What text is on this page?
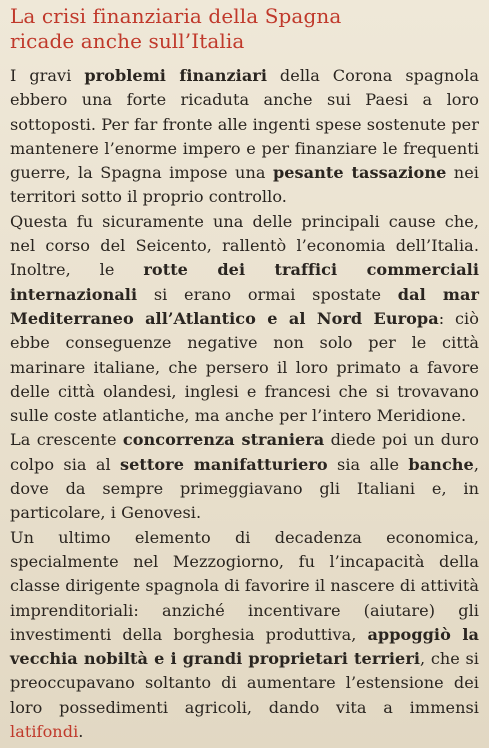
La crisi finanziaria della Spagna
ricade anche sull’Italia

I gravi problemi finanziari della Corona spagnola ebbero una forte ricaduta anche sui Paesi a loro sottoposti. Per far fronte alle ingenti spese sostenute per mantenere l’enorme impero e per finanziare le frequenti guerre, la Spagna impose una pesante tassazione nei territori sotto il proprio controllo.

Questa fu sicuramente una delle principali cause che, nel corso del Seicento, rallentò l’economia dell’Italia. Inoltre, le rotte dei traffici commerciali internazionali si erano ormai spostate dal mar Mediterraneo all’Atlantico e al Nord Europa: ciò ebbe conseguenze negative non solo per le città marinare italiane, che persero il loro primato a favore delle città olandesi, inglesi e francesi che si trovavano sulle coste atlantiche, ma anche per l’intero Meridione.

La crescente concorrenza straniera diede poi un duro colpo sia al settore manifatturiero sia alle banche, dove da sempre primeggiavano gli Italiani e, in particolare, i Genovesi.

Un ultimo elemento di decadenza economica, specialmente nel Mezzogiorno, fu l’incapacità della classe dirigente spagnola di favorire il nascere di attività imprenditoriali: anziché incentivare (aiutare) gli investimenti della borghesia produttiva, appoggiò la vecchia nobiltà e i grandi proprietari terrieri, che si preoccupavano soltanto di aumentare l’estensione dei loro possedimenti agricoli, dando vita a immensi latifondi.
